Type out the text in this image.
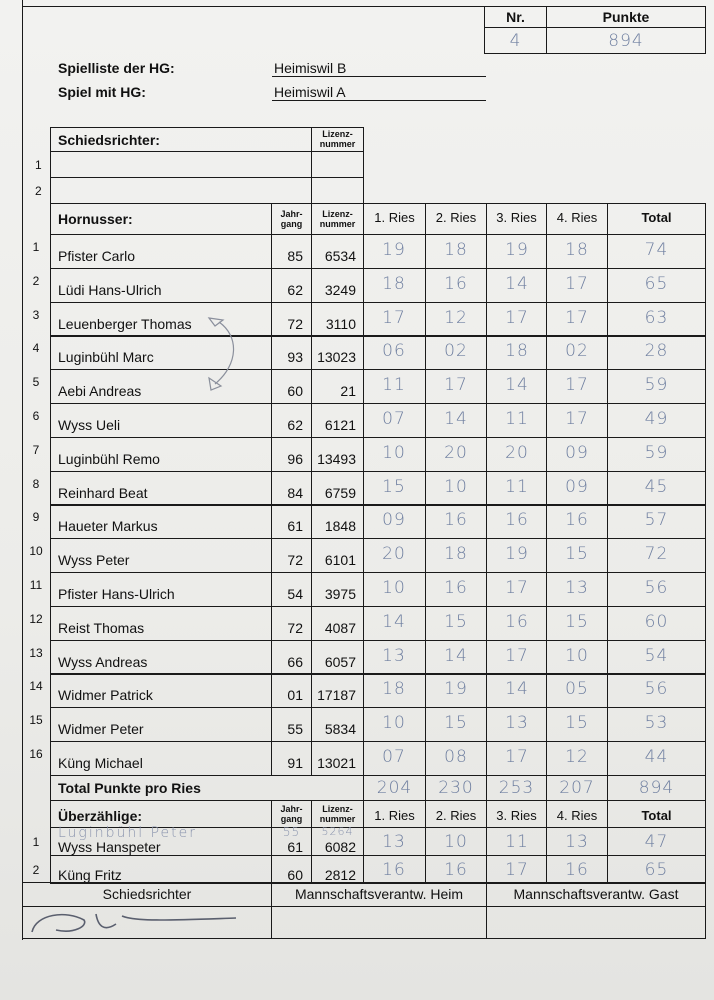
Nr.	Punkte
4	894
Spielliste der HG:	Heimiswil B
Spiel mit HG:	Heimiswil A
Schiedsrichter:	Lizenz-
nummer
1
2
Hornusser:	Jahr-
gang
Lizenz-
nummer	1. Ries	2. Ries	3. Ries	4. Ries	Total
1
Pfister Carlo	85	6534	19	18	19	18	74
2
Lüdi Hans-Ulrich	62	3249	18	16	14	17	65
3
Leuenberger Thomas	72	3110	17	12	17	17	63
4
Luginbühl Marc	93	13023	06	02	18	02	28
5
Aebi Andreas	60	21	11	17	14	17	59
6
Wyss Ueli	62	6121	07	14	11	17	49
7
Luginbühl Remo	96	13493	10	20	20	09	59
8
Reinhard Beat	84	6759	15	10	11	09	45
9
Haueter Markus	61	1848	09	16	16	16	57
10
Wyss Peter	72	6101	20	18	19	15	72
11
Pfister Hans-Ulrich	54	3975	10	16	17	13	56
12
Reist Thomas	72	4087	14	15	16	15	60
13
Wyss Andreas	66	6057	13	14	17	10	54
14
Widmer Patrick	01	17187	18	19	14	05	56
15
Widmer Peter	55	5834	10	15	13	15	53
16
Küng Michael	91	13021	07	08	17	12	44
Total Punkte pro Ries	204	230	253	207	894
Überzählige:	Jahr-
gang
Lizenz-
nummer	1. Ries	2. Ries	3. Ries	4. Ries	Total
1	Wyss Hanspeter	61	6082	13	10	11	13	47
2	Küng Fritz	60	2812	16	16	17	16	65
Luginbühl Peter	55	5264
Schiedsrichter	Mannschaftsverantw. Heim	Mannschaftsverantw. Gast
